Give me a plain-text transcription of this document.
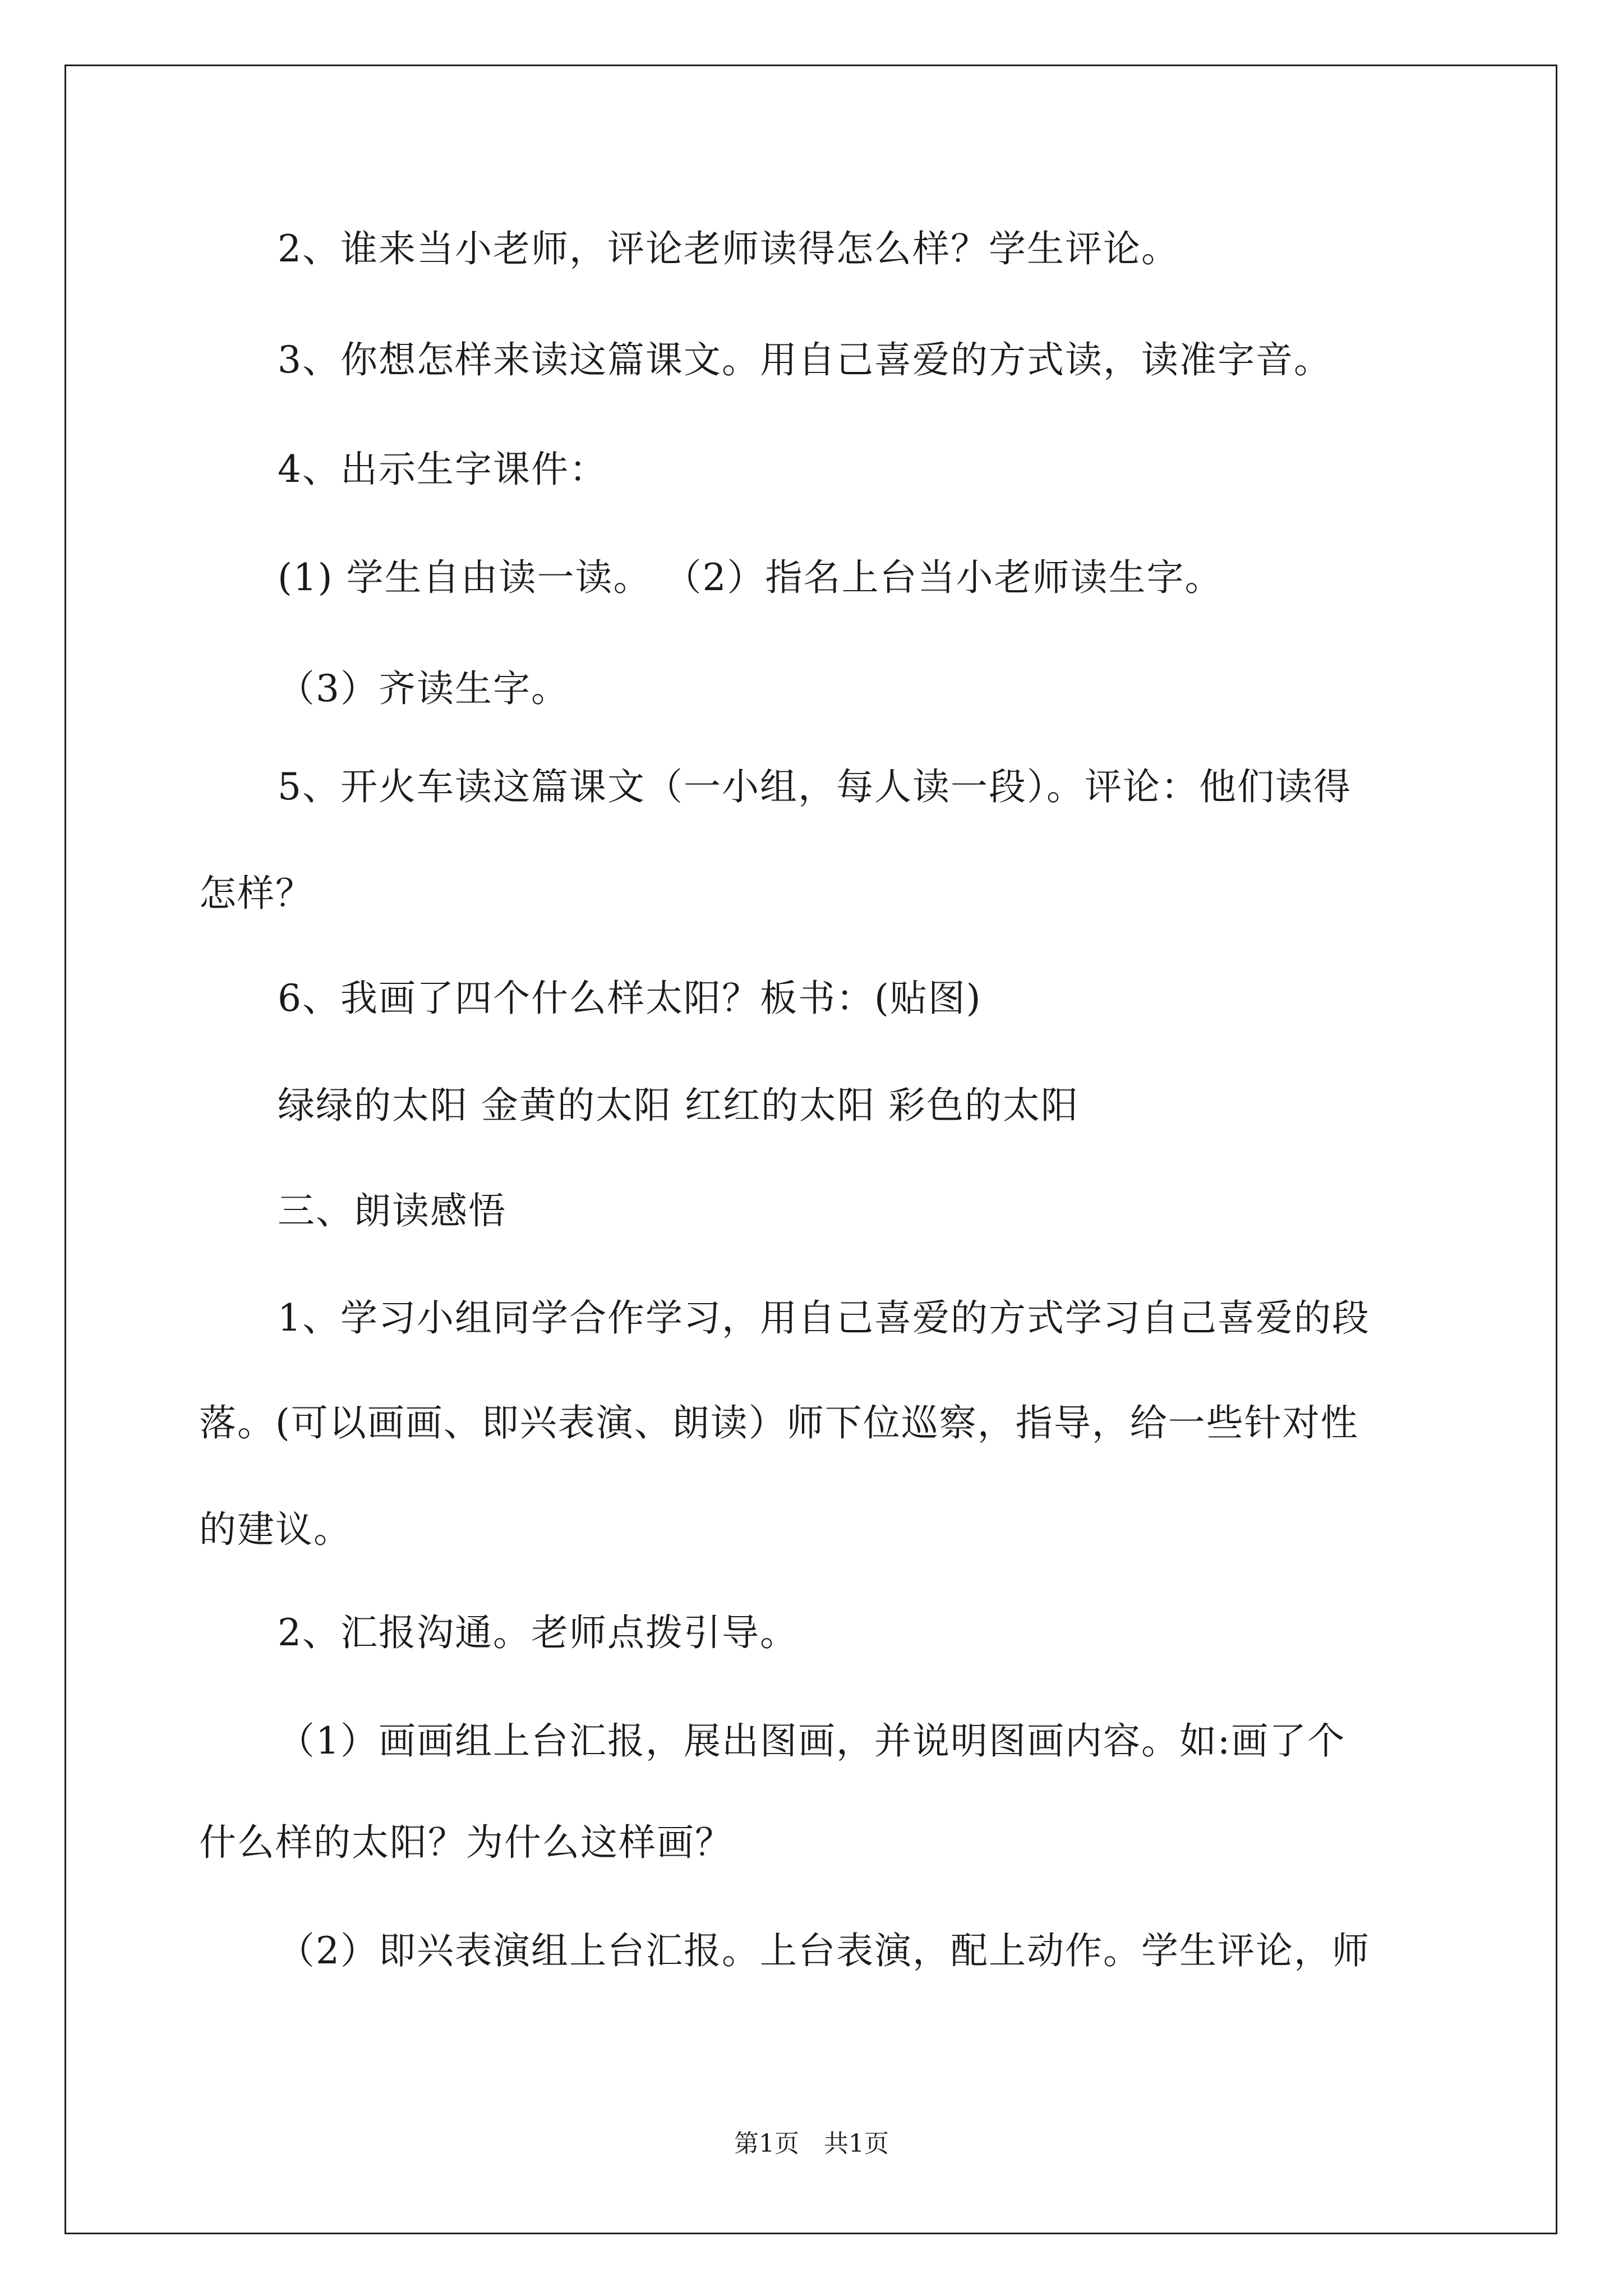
2、谁来当小老师，评论老师读得怎么样？学生评论。
3、你想怎样来读这篇课文。用自己喜爱的方式读，读准字音。
4、出示生字课件：
(1) 学生自由读一读。 （2）指名上台当小老师读生字。
（3）齐读生字。
5、开火车读这篇课文（一小组，每人读一段）。评论：他们读得
怎样？
6、我画了四个什么样太阳？板书：(贴图)
绿绿的太阳 金黄的太阳 红红的太阳 彩色的太阳
三、朗读感悟
1、学习小组同学合作学习，用自己喜爱的方式学习自己喜爱的段
落。(可以画画、即兴表演、朗读）师下位巡察，指导，给一些针对性
的建议。
2、汇报沟通。老师点拨引导。
（1）画画组上台汇报，展出图画，并说明图画内容。如:画了个
什么样的太阳？为什么这样画？
（2）即兴表演组上台汇报。上台表演，配上动作。学生评论，师
第1页　共1页
